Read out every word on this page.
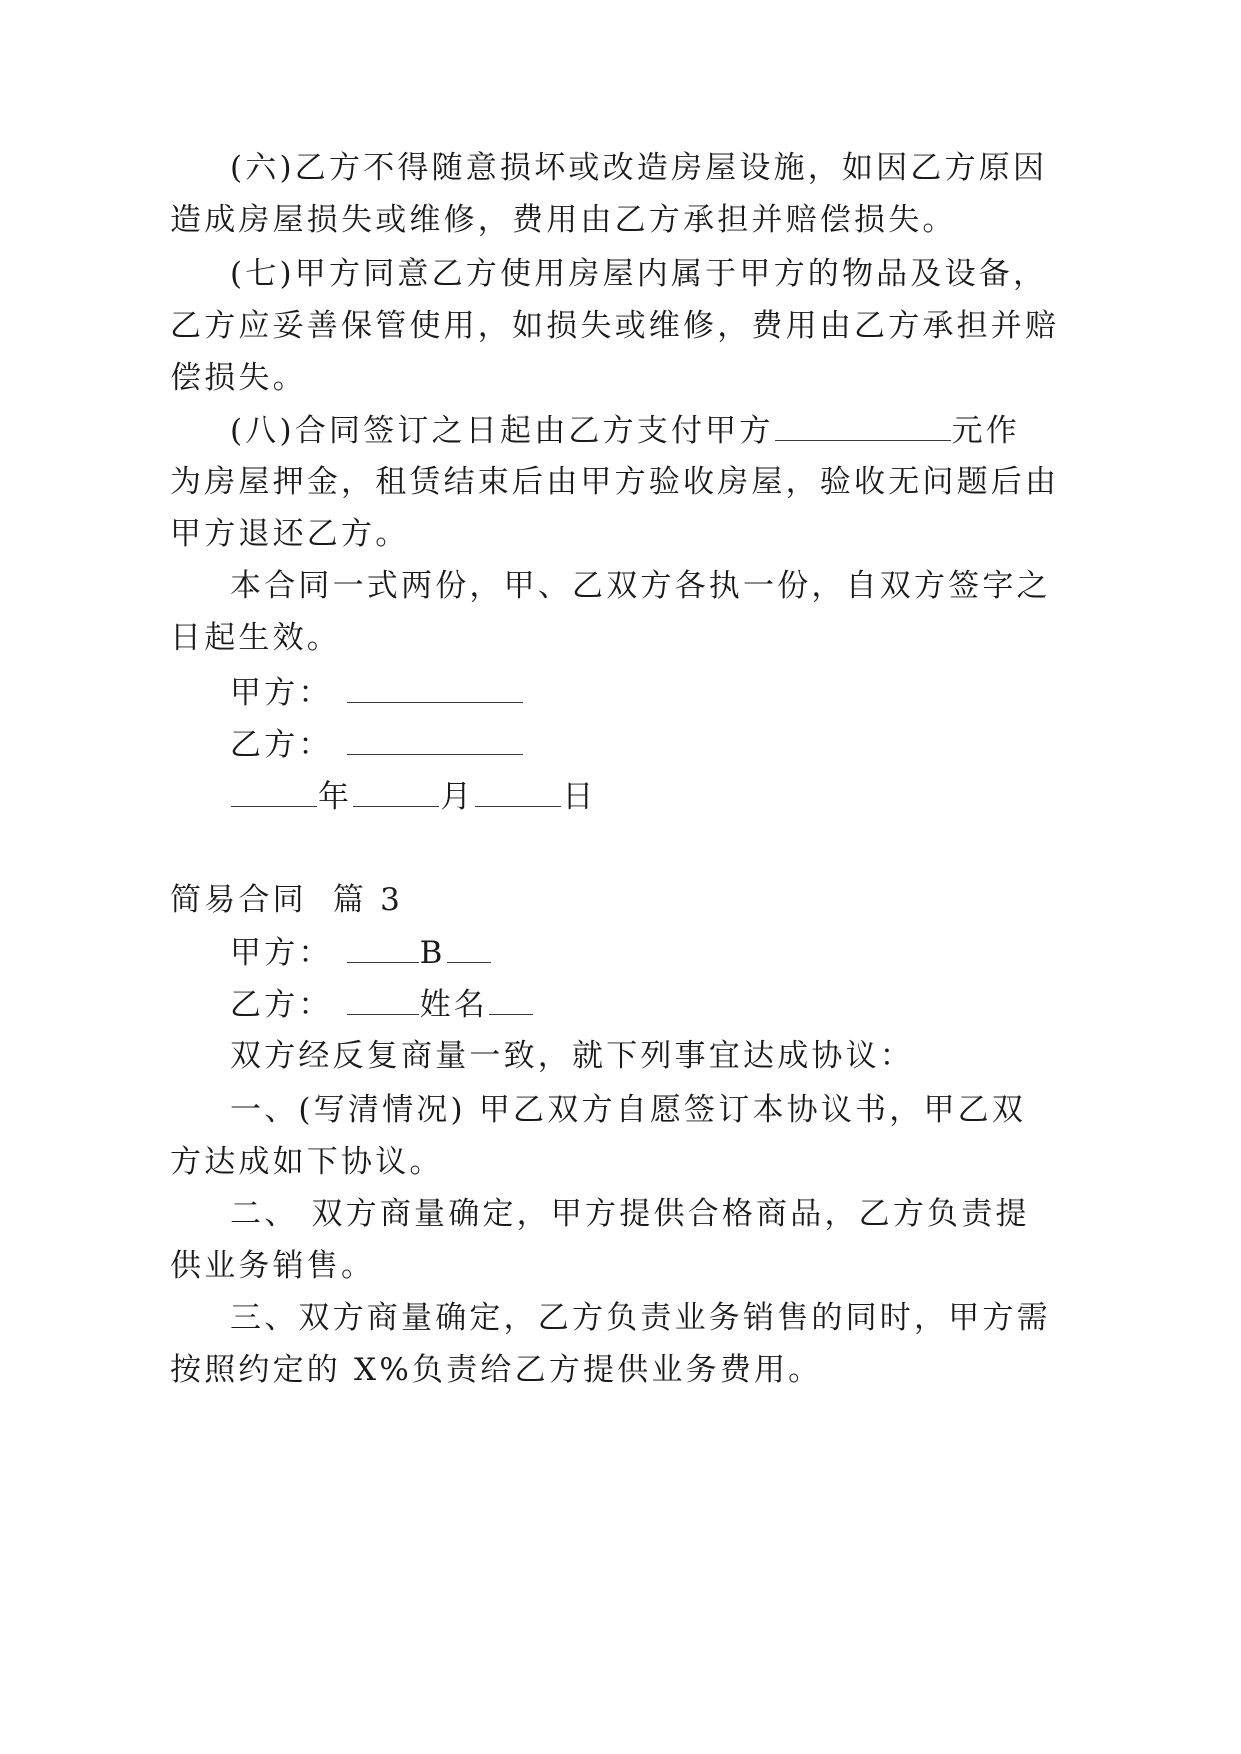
(六)乙方不得随意损坏或改造房屋设施，如因乙方原因
造成房屋损失或维修，费用由乙方承担并赔偿损失。
(七)甲方同意乙方使用房屋内属于甲方的物品及设备，
乙方应妥善保管使用，如损失或维修，费用由乙方承担并赔
偿损失。
(八)合同签订之日起由乙方支付甲方	元作
为房屋押金，租赁结束后由甲方验收房屋，验收无问题后由
甲方退还乙方。
本合同一式两份，甲、乙双方各执一份，自双方签字之
日起生效。
甲方：
乙方：
年	月	日
简易合同  篇 3
甲方：	B
乙方：	姓名
双方经反复商量一致，就下列事宜达成协议：
一、(写清情况) 甲乙双方自愿签订本协议书，甲乙双
方达成如下协议。
二、 双方商量确定，甲方提供合格商品，乙方负责提
供业务销售。
三、双方商量确定，乙方负责业务销售的同时，甲方需
按照约定的 X%负责给乙方提供业务费用。
